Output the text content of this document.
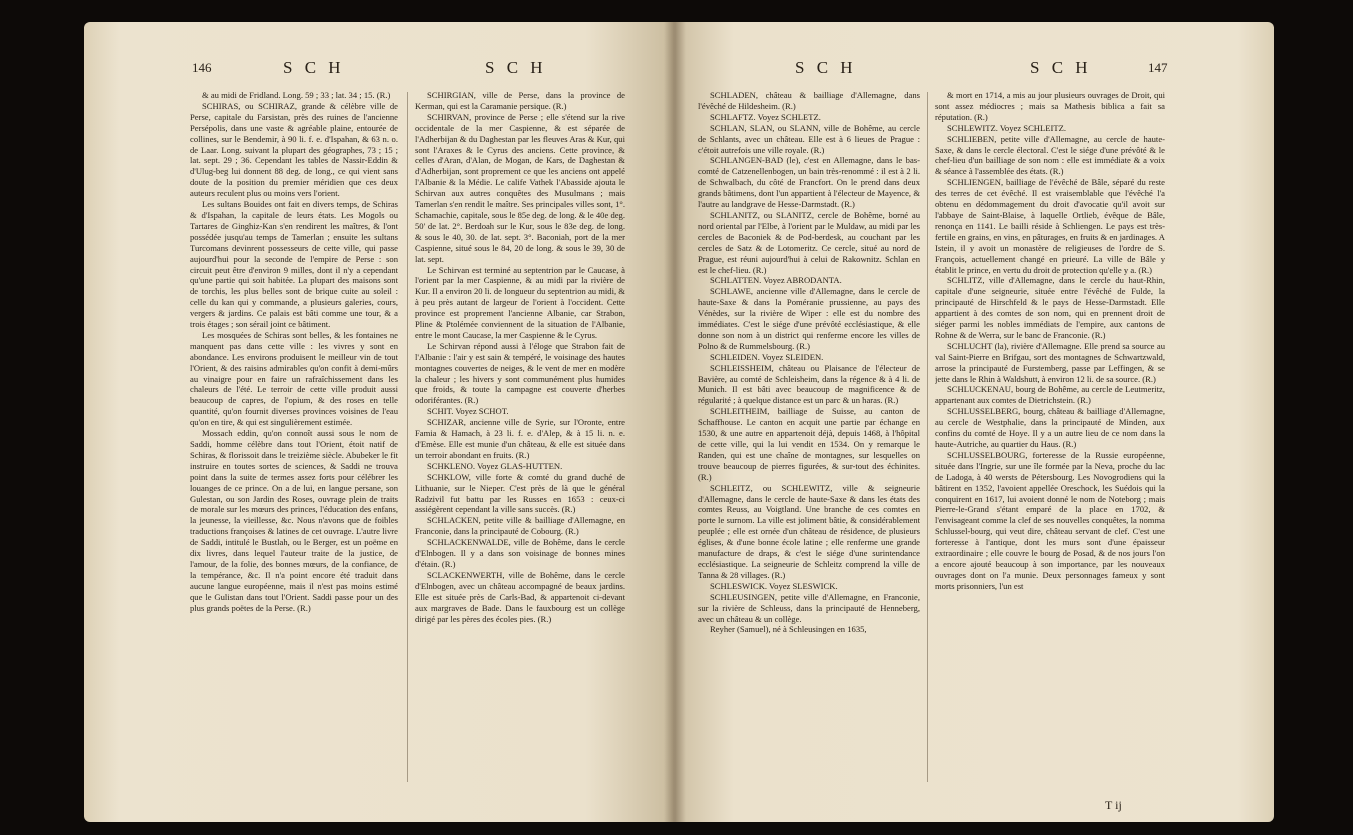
146	S C H	S C H	S C H	S C H	147

& au midi de Fridland. Long. 59 ; 33 ; lat. 34 ; 15. (R.)

SCHIRAS, ou SCHIRAZ, grande & célèbre ville de Perse, capitale du Farsistan, près des ruines de l'ancienne Persépolis, dans une vaste & agréable plaine, entourée de collines, sur le Bendemir, à 90 li. f. e. d'Ispahan, & 63 n. o. de Laar. Long. suivant la plupart des géographes, 73 ; 15 ; lat. sept. 29 ; 36. Cependant les tables de Nassir-Eddin & d'Ulug-beg lui donnent 88 deg. de long., ce qui vient sans doute de la position du premier méridien que ces deux auteurs reculent plus ou moins vers l'orient.

Les sultans Bouides ont fait en divers temps, de Schiras & d'Ispahan, la capitale de leurs états. Les Mogols ou Tartares de Ginghiz-Kan s'en rendirent les maîtres, & l'ont possédée jusqu'au temps de Tamerlan ; ensuite les sultans Turcomans devinrent possesseurs de cette ville, qui passe aujourd'hui pour la seconde de l'empire de Perse : son circuit peut être d'environ 9 milles, dont il n'y a cependant qu'une partie qui soit habitée. La plupart des maisons sont de torchis, les plus belles sont de brique cuite au soleil : celle du kan qui y commande, a plusieurs galeries, cours, vergers & jardins. Ce palais est bâti comme une tour, & a trois étages ; son sérail joint ce bâtiment.

Les mosquées de Schiras sont belles, & les fontaines ne manquent pas dans cette ville : les vivres y sont en abondance. Les environs produisent le meilleur vin de tout l'Orient, & des raisins admirables qu'on confit à demi-mûrs au vinaigre pour en faire un rafraîchissement dans les chaleurs de l'été. Le terroir de cette ville produit aussi beaucoup de capres, de l'opium, & des roses en telle quantité, qu'on fournit diverses provinces voisines de l'eau qu'on en tire, & qui est singulièrement estimée.

Mossach eddin, qu'on connoît aussi sous le nom de Saddi, homme célèbre dans tout l'Orient, étoit natif de Schiras, & florissoit dans le treizième siècle. Abubeker le fit instruire en toutes sortes de sciences, & Saddi ne trouva point dans la suite de termes assez forts pour célébrer les louanges de ce prince. On a de lui, en langue persane, son Gulestan, ou son Jardin des Roses, ouvrage plein de traits de morale sur les mœurs des princes, l'éducation des enfans, la jeunesse, la vieillesse, &c. Nous n'avons que de foibles traductions françoises & latines de cet ouvrage. L'autre livre de Saddi, intitulé le Bustlah, ou le Berger, est un poëme en dix livres, dans lequel l'auteur traite de la justice, de l'amour, de la folie, des bonnes mœurs, de la confiance, de la tempérance, &c. Il n'a point encore été traduit dans aucune langue européenne, mais il n'est pas moins estimé que le Gulistan dans tout l'Orient. Saddi passe pour un des plus grands poëtes de la Perse. (R.)

SCHIRGIAN, ville de Perse, dans la province de Kerman, qui est la Caramanie persique. (R.)

SCHIRVAN, province de Perse ; elle s'étend sur la rive occidentale de la mer Caspienne, & est séparée de l'Adherbijan & du Daghestan par les fleuves Aras & Kur, qui sont l'Araxes & le Cyrus des anciens. Cette province, & celles d'Aran, d'Alan, de Mogan, de Kars, de Daghestan & d'Adherbijan, sont proprement ce que les anciens ont appelé l'Albanie & la Médie. Le calife Vathek l'Abasside ajouta le Schirvan aux autres conquêtes des Musulmans ; mais Tamerlan s'en rendit le maître. Ses principales villes sont, 1°. Schamachie, capitale, sous le 85e deg. de long. & le 40e deg. 50' de lat. 2°. Berdoah sur le Kur, sous le 83e deg. de long. & sous le 40, 30. de lat. sept. 3°. Baconiah, port de la mer Caspienne, situé sous le 84, 20 de long. & sous le 39, 30 de lat. sept.

Le Schirvan est terminé au septentrion par le Caucase, à l'orient par la mer Caspienne, & au midi par la rivière de Kur. Il a environ 20 li. de longueur du septentrion au midi, & à peu près autant de largeur de l'orient à l'occident. Cette province est proprement l'ancienne Albanie, car Strabon, Pline & Ptolémée conviennent de la situation de l'Albanie, entre le mont Caucase, la mer Caspienne & le Cyrus.

Le Schirvan répond aussi à l'éloge que Strabon fait de l'Albanie : l'air y est sain & tempéré, le voisinage des hautes montagnes couvertes de neiges, & le vent de mer en modère la chaleur ; les hivers y sont communément plus humides que froids, & toute la campagne est couverte d'herbes odoriférantes. (R.)

SCHIT. Voyez SCHOT.

SCHIZAR, ancienne ville de Syrie, sur l'Oronte, entre Famia & Hamach, à 23 li. f. e. d'Alep, & à 15 li. n. e. d'Emèse. Elle est munie d'un château, & elle est située dans un terroir abondant en fruits. (R.)

SCHKLENO. Voyez GLAS-HUTTEN.

SCHKLOW, ville forte & comté du grand duché de Lithuanie, sur le Nieper. C'est près de là que le général Radzivil fut battu par les Russes en 1653 : ceux-ci assiégèrent cependant la ville sans succès. (R.)

SCHLACKEN, petite ville & bailliage d'Allemagne, en Franconie, dans la principauté de Cobourg. (R.)

SCHLACKENWALDE, ville de Bohême, dans le cercle d'Elnbogen. Il y a dans son voisinage de bonnes mines d'étain. (R.)

SCLACKENWERTH, ville de Bohême, dans le cercle d'Elnbogen, avec un château accompagné de beaux jardins. Elle est située près de Carls-Bad, & appartenoit ci-devant aux margraves de Bade. Dans le fauxbourg est un collège dirigé par les pères des écoles pies. (R.)

SCHLADEN, château & bailliage d'Allemagne, dans l'évêché de Hildesheim. (R.)

SCHLAFTZ. Voyez SCHLETZ.

SCHLAN, SLAN, ou SLANN, ville de Bohême, au cercle de Schlants, avec un château. Elle est à 6 lieues de Prague : c'étoit autrefois une ville royale. (R.)

SCHLANGEN-BAD (le), c'est en Allemagne, dans le bas-comté de Catzenellenbogen, un bain très-renommé : il est à 2 li. de Schwalbach, du côté de Francfort. On le prend dans deux grands bâtimens, dont l'un appartient à l'électeur de Mayence, & l'autre au landgrave de Hesse-Darmstadt. (R.)

SCHLANITZ, ou SLANITZ, cercle de Bohême, borné au nord oriental par l'Elbe, à l'orient par le Muldaw, au midi par les cercles de Baconiek & de Pod-berdesk, au couchant par les cercles de Satz & de Lotomeritz. Ce cercle, situé au nord de Prague, est réuni aujourd'hui à celui de Rakownitz. Schlan en est le chef-lieu. (R.)

SCHLATTEN. Voyez ABRODANTA.

SCHLAWE, ancienne ville d'Allemagne, dans le cercle de haute-Saxe & dans la Poméranie prussienne, au pays des Vénèdes, sur la rivière de Wiper : elle est du nombre des immédiates. C'est le siége d'une prévôté ecclésiastique, & elle donne son nom à un district qui renferme encore les villes de Polno & de Rummelsbourg. (R.)

SCHLEIDEN. Voyez SLEIDEN.

SCHLEISSHEIM, château ou Plaisance de l'électeur de Bavière, au comté de Schleisheim, dans la régence & à 4 li. de Munich. Il est bâti avec beaucoup de magnificence & de régularité ; à quelque distance est un parc & un haras. (R.)

SCHLEITHEIM, bailliage de Suisse, au canton de Schaffhouse. Le canton en acquit une partie par échange en 1530, & une autre en appartenoit déjà, depuis 1468, à l'hôpital de cette ville, qui la lui vendit en 1534. On y remarque le Randen, qui est une chaîne de montagnes, sur lesquelles on trouve beaucoup de pierres figurées, & sur-tout des échinites. (R.)

SCHLEITZ, ou SCHLEWITZ, ville & seigneurie d'Allemagne, dans le cercle de haute-Saxe & dans les états des comtes Reuss, au Voigtland. Une branche de ces comtes en porte le surnom. La ville est joliment bâtie, & considérablement peuplée ; elle est ornée d'un château de résidence, de plusieurs églises, & d'une bonne école latine ; elle renferme une grande manufacture de draps, & c'est le siége d'une surintendance ecclésiastique. La seigneurie de Schleitz comprend la ville de Tanna & 28 villages. (R.)

SCHLESWICK. Voyez SLESWICK.

SCHLEUSINGEN, petite ville d'Allemagne, en Franconie, sur la rivière de Schleuss, dans la principauté de Henneberg, avec un château & un collège.

Reyher (Samuel), né à Schleusingen en 1635,

& mort en 1714, a mis au jour plusieurs ouvrages de Droit, qui sont assez médiocres ; mais sa Mathesis biblica a fait sa réputation. (R.)

SCHLEWITZ. Voyez SCHLEITZ.

SCHLIEBEN, petite ville d'Allemagne, au cercle de haute-Saxe, & dans le cercle électoral. C'est le siége d'une prévôté & le chef-lieu d'un bailliage de son nom : elle est immédiate & a voix & séance à l'assemblée des états. (R.)

SCHLIENGEN, bailliage de l'évêché de Bâle, séparé du reste des terres de cet évêché. Il est vraisemblable que l'évêché l'a obtenu en dédommagement du droit d'avocatie qu'il avoit sur l'abbaye de Saint-Blaise, à laquelle Ortlieb, évêque de Bâle, renonça en 1141. Le bailli réside à Schliengen. Le pays est très-fertile en grains, en vins, en pâturages, en fruits & en jardinages. A Istein, il y avoit un monastère de religieuses de l'ordre de S. François, actuellement changé en prieuré. La ville de Bâle y établit le prince, en vertu du droit de protection qu'elle y a. (R.)

SCHLITZ, ville d'Allemagne, dans le cercle du haut-Rhin, capitale d'une seigneurie, située entre l'évêché de Fulde, la principauté de Hirschfeld & le pays de Hesse-Darmstadt. Elle appartient à des comtes de son nom, qui en prennent droit de siéger parmi les nobles immédiats de l'empire, aux cantons de Rohne & de Werra, sur le banc de Franconie. (R.)

SCHLUCHT (la), rivière d'Allemagne. Elle prend sa source au val Saint-Pierre en Brifgau, sort des montagnes de Schwartzwald, arrose la principauté de Furstemberg, passe par Leffingen, & se jette dans le Rhin à Waldshutt, à environ 12 li. de sa source. (R.)

SCHLUCKENAU, bourg de Bohême, au cercle de Leutmeritz, appartenant aux comtes de Dietrichstein. (R.)

SCHLUSSELBERG, bourg, château & bailliage d'Allemagne, au cercle de Westphalie, dans la principauté de Minden, aux confins du comté de Hoye. Il y a un autre lieu de ce nom dans la haute-Autriche, au quartier du Haus. (R.)

SCHLUSSELBOURG, forteresse de la Russie européenne, située dans l'Ingrie, sur une île formée par la Neva, proche du lac de Ladoga, à 40 wersts de Pétersbourg. Les Novogrodiens qui la bâtirent en 1352, l'avoient appellée Oreschock, les Suédois qui la conquirent en 1617, lui avoient donné le nom de Noteborg ; mais Pierre-le-Grand s'étant emparé de la place en 1702, & l'envisageant comme la clef de ses nouvelles conquêtes, la nomma Schlussel-bourg, qui veut dire, château servant de clef. C'est une forteresse à l'antique, dont les murs sont d'une épaisseur extraordinaire ; elle couvre le bourg de Posad, & de nos jours l'on a encore ajouté beaucoup à son importance, par les nouveaux ouvrages dont on l'a munie. Deux personnages fameux y sont morts prisonniers, l'un est

T ij
